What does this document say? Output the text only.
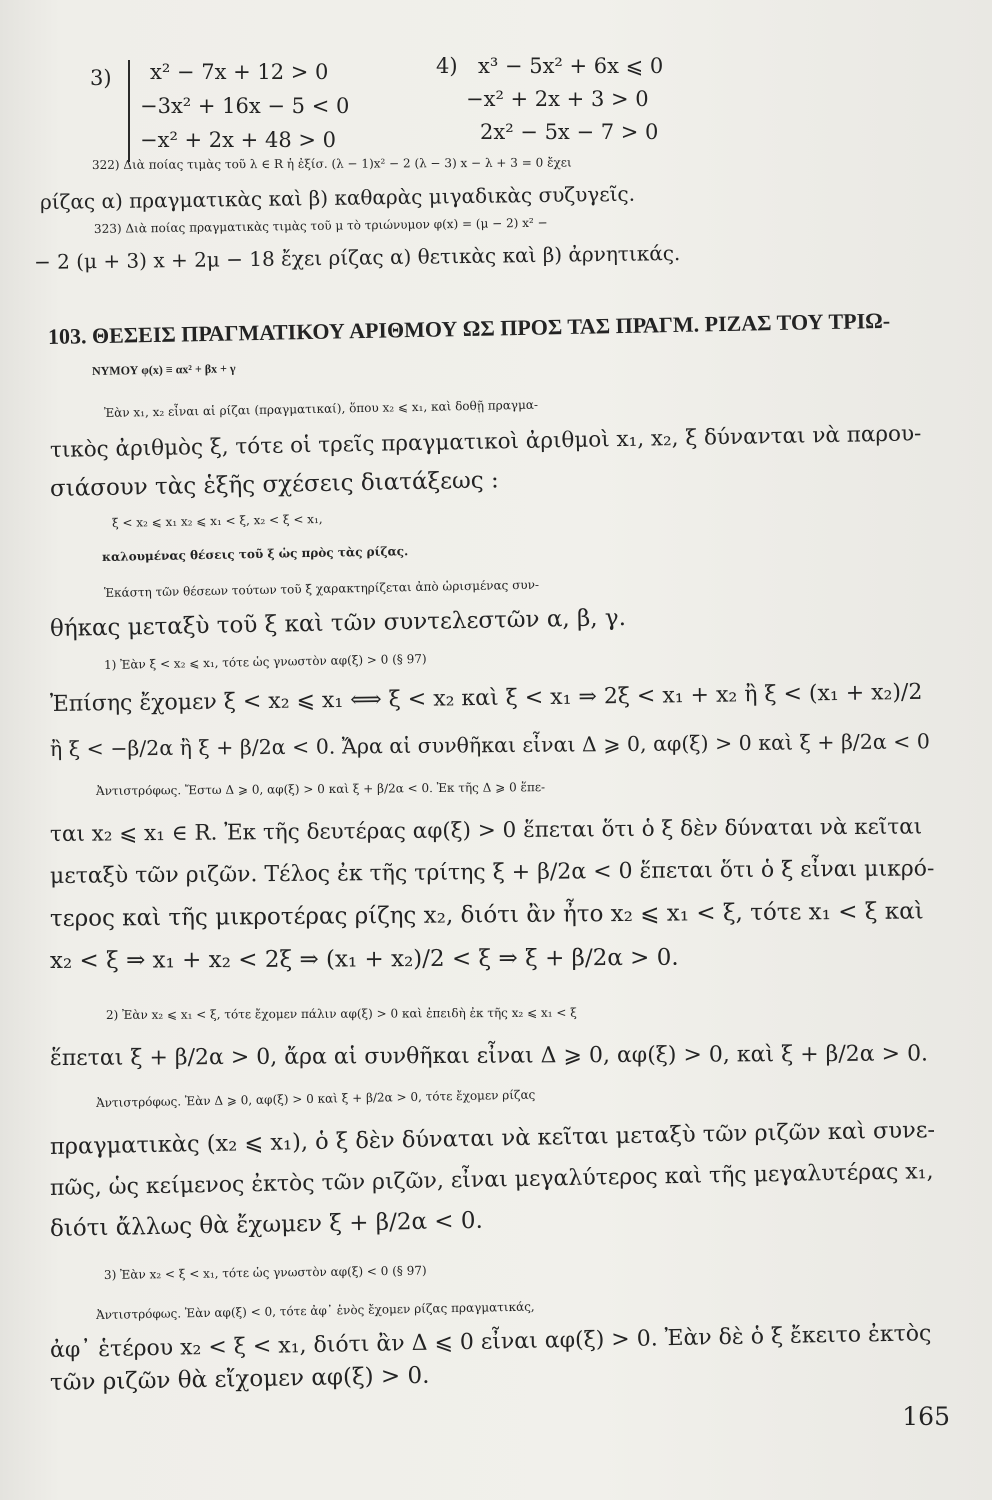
3) x² − 7x + 12 > 0
−3x² + 16x − 5 < 0
−x² + 2x + 48 > 0
4) x³ − 5x² + 6x ⩽ 0
−x² + 2x + 3 > 0
2x² − 5x − 7 > 0
322) Διὰ ποίας τιμὰς τοῦ λ ∈ R ἡ ἐξίσ. (λ − 1)x² − 2 (λ − 3) x − λ + 3 = 0 ἔχει
ρίζας α) πραγματικὰς καὶ β) καθαρὰς μιγαδικὰς συζυγεῖς.
323) Διὰ ποίας πραγματικὰς τιμὰς τοῦ μ τὸ τριώνυμον φ(x) = (μ − 2) x² −
− 2 (μ + 3) x + 2μ − 18 ἔχει ρίζας α) θετικὰς καὶ β) ἀρνητικάς.
103. ΘΕΣΕΙΣ ΠΡΑΓΜΑΤΙΚΟΥ ΑΡΙΘΜΟΥ ΩΣ ΠΡΟΣ ΤΑΣ ΠΡΑΓΜ. ΡΙΖΑΣ ΤΟΥ ΤΡΙΩ-
ΝΥΜΟΥ φ(x) ≡ αx² + βx + γ
Ἐὰν x₁, x₂ εἶναι αἱ ρίζαι (πραγματικαί), ὅπου x₂ ⩽ x₁, καὶ δοθῇ πραγμα-
τικὸς ἀριθμὸς ξ, τότε οἱ τρεῖς πραγματικοὶ ἀριθμοὶ x₁, x₂, ξ δύνανται νὰ παρου-
σιάσουν τὰς ἑξῆς σχέσεις διατάξεως :
ξ < x₂ ⩽ x₁ x₂ ⩽ x₁ < ξ, x₂ < ξ < x₁,
καλουμένας θέσεις τοῦ ξ ὡς πρὸς τὰς ρίζας.
Ἑκάστη τῶν θέσεων τούτων τοῦ ξ χαρακτηρίζεται ἀπὸ ὡρισμένας συν-
θήκας μεταξὺ τοῦ ξ καὶ τῶν συντελεστῶν α, β, γ.
1) Ἐὰν ξ < x₂ ⩽ x₁, τότε ὡς γνωστὸν αφ(ξ) > 0 (§ 97)
Ἐπίσης ἔχομεν ξ < x₂ ⩽ x₁ ⟺ ξ < x₂ καὶ ξ < x₁ ⇒ 2ξ < x₁ + x₂ ἢ ξ < (x₁ + x₂)/2
ἢ ξ < −β/2α ἢ ξ + β/2α < 0. Ἄρα αἱ συνθῆκαι εἶναι Δ ⩾ 0, αφ(ξ) > 0 καὶ ξ + β/2α < 0
Ἀντιστρόφως. Ἔστω Δ ⩾ 0, αφ(ξ) > 0 καὶ ξ + β/2α < 0. Ἐκ τῆς Δ ⩾ 0 ἕπε-
ται x₂ ⩽ x₁ ∈ R. Ἐκ τῆς δευτέρας αφ(ξ) > 0 ἕπεται ὅτι ὁ ξ δὲν δύναται νὰ κεῖται
μεταξὺ τῶν ριζῶν. Τέλος ἐκ τῆς τρίτης ξ + β/2α < 0 ἕπεται ὅτι ὁ ξ εἶναι μικρό-
τερος καὶ τῆς μικροτέρας ρίζης x₂, διότι ἂν ἦτο x₂ ⩽ x₁ < ξ, τότε x₁ < ξ καὶ
x₂ < ξ ⇒ x₁ + x₂ < 2ξ ⇒ (x₁ + x₂)/2 < ξ ⇒ ξ + β/2α > 0.
2) Ἐὰν x₂ ⩽ x₁ < ξ, τότε ἔχομεν πάλιν αφ(ξ) > 0 καὶ ἐπειδὴ ἐκ τῆς x₂ ⩽ x₁ < ξ
ἕπεται ξ + β/2α > 0, ἄρα αἱ συνθῆκαι εἶναι Δ ⩾ 0, αφ(ξ) > 0, καὶ ξ + β/2α > 0.
Ἀντιστρόφως. Ἐὰν Δ ⩾ 0, αφ(ξ) > 0 καὶ ξ + β/2α > 0, τότε ἔχομεν ρίζας
πραγματικὰς (x₂ ⩽ x₁), ὁ ξ δὲν δύναται νὰ κεῖται μεταξὺ τῶν ριζῶν καὶ συνε-
πῶς, ὡς κείμενος ἐκτὸς τῶν ριζῶν, εἶναι μεγαλύτερος καὶ τῆς μεγαλυτέρας x₁,
διότι ἄλλως θὰ ἔχωμεν ξ + β/2α < 0.
3) Ἐὰν x₂ < ξ < x₁, τότε ὡς γνωστὸν αφ(ξ) < 0 (§ 97)
Ἀντιστρόφως. Ἐὰν αφ(ξ) < 0, τότε ἀφ᾿ ἑνὸς ἔχομεν ρίζας πραγματικάς,
ἀφ᾿ ἑτέρου x₂ < ξ < x₁, διότι ἂν Δ ⩽ 0 εἶναι αφ(ξ) > 0. Ἐὰν δὲ ὁ ξ ἔκειτο ἐκτὸς
τῶν ριζῶν θὰ εἴχομεν αφ(ξ) > 0.
165
